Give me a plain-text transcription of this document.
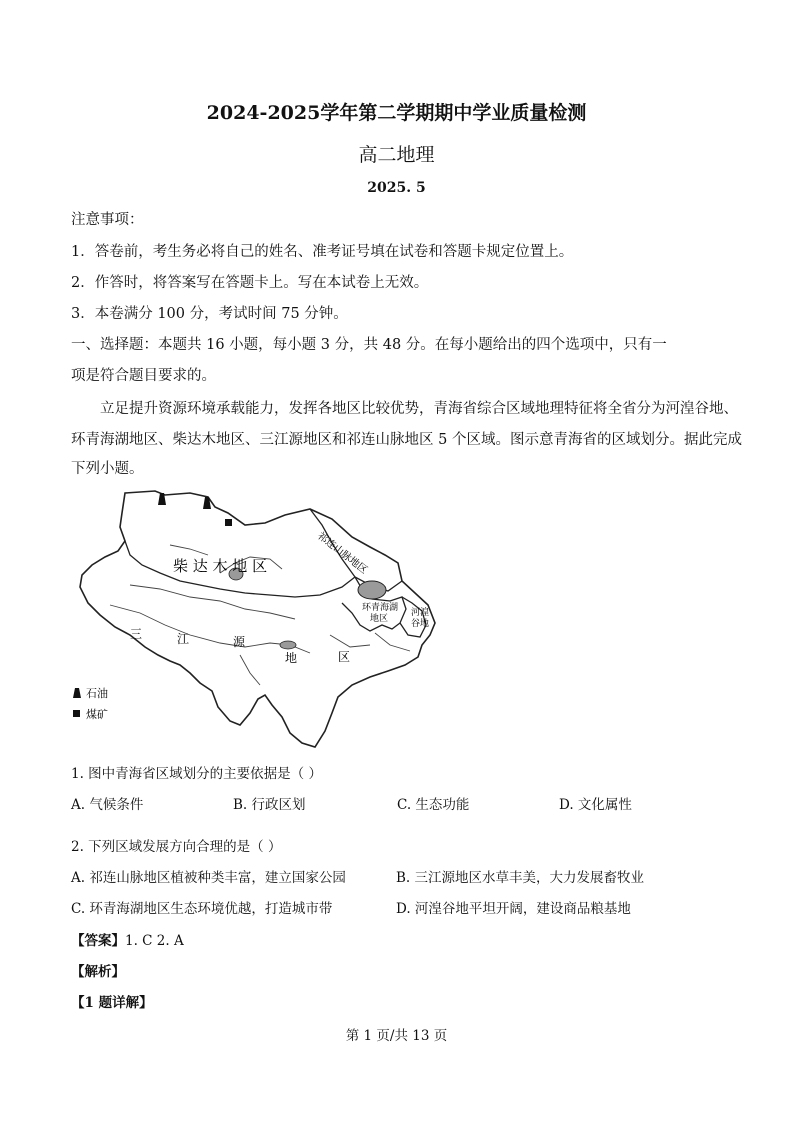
2024-2025学年第二学期期中学业质量检测
高二地理
2025. 5
注意事项：
1．答卷前，考生务必将自己的姓名、准考证号填在试卷和答题卡规定位置上。
2．作答时，将答案写在答题卡上。写在本试卷上无效。
3．本卷满分 100 分，考试时间 75 分钟。
一、选择题：本题共 16 小题，每小题 3 分，共 48 分。在每小题给出的四个选项中，只有一
项是符合题目要求的。
立足提升资源环境承载能力，发挥各地区比较优势，青海省综合区域地理特征将全省分为河湟谷地、
环青海湖地区、柴达木地区、三江源地区和祁连山脉地区 5 个区域。图示意青海省的区域划分。据此完成
下列小题。
柴 达 木 地 区	祁连山脉地区
环青海湖
地区
河湟
谷地
三	江	源
地	区
石油
煤矿
1. 图中青海省区域划分的主要依据是（ ）
A. 气候条件	B. 行政区划	C. 生态功能	D. 文化属性
2. 下列区域发展方向合理的是（ ）
A. 祁连山脉地区植被种类丰富，建立国家公园	B. 三江源地区水草丰美，大力发展畜牧业
C. 环青海湖地区生态环境优越，打造城市带	D. 河湟谷地平坦开阔，建设商品粮基地
【答案】1. C 2. A
【解析】
【1 题详解】
第 1 页/共 13 页
